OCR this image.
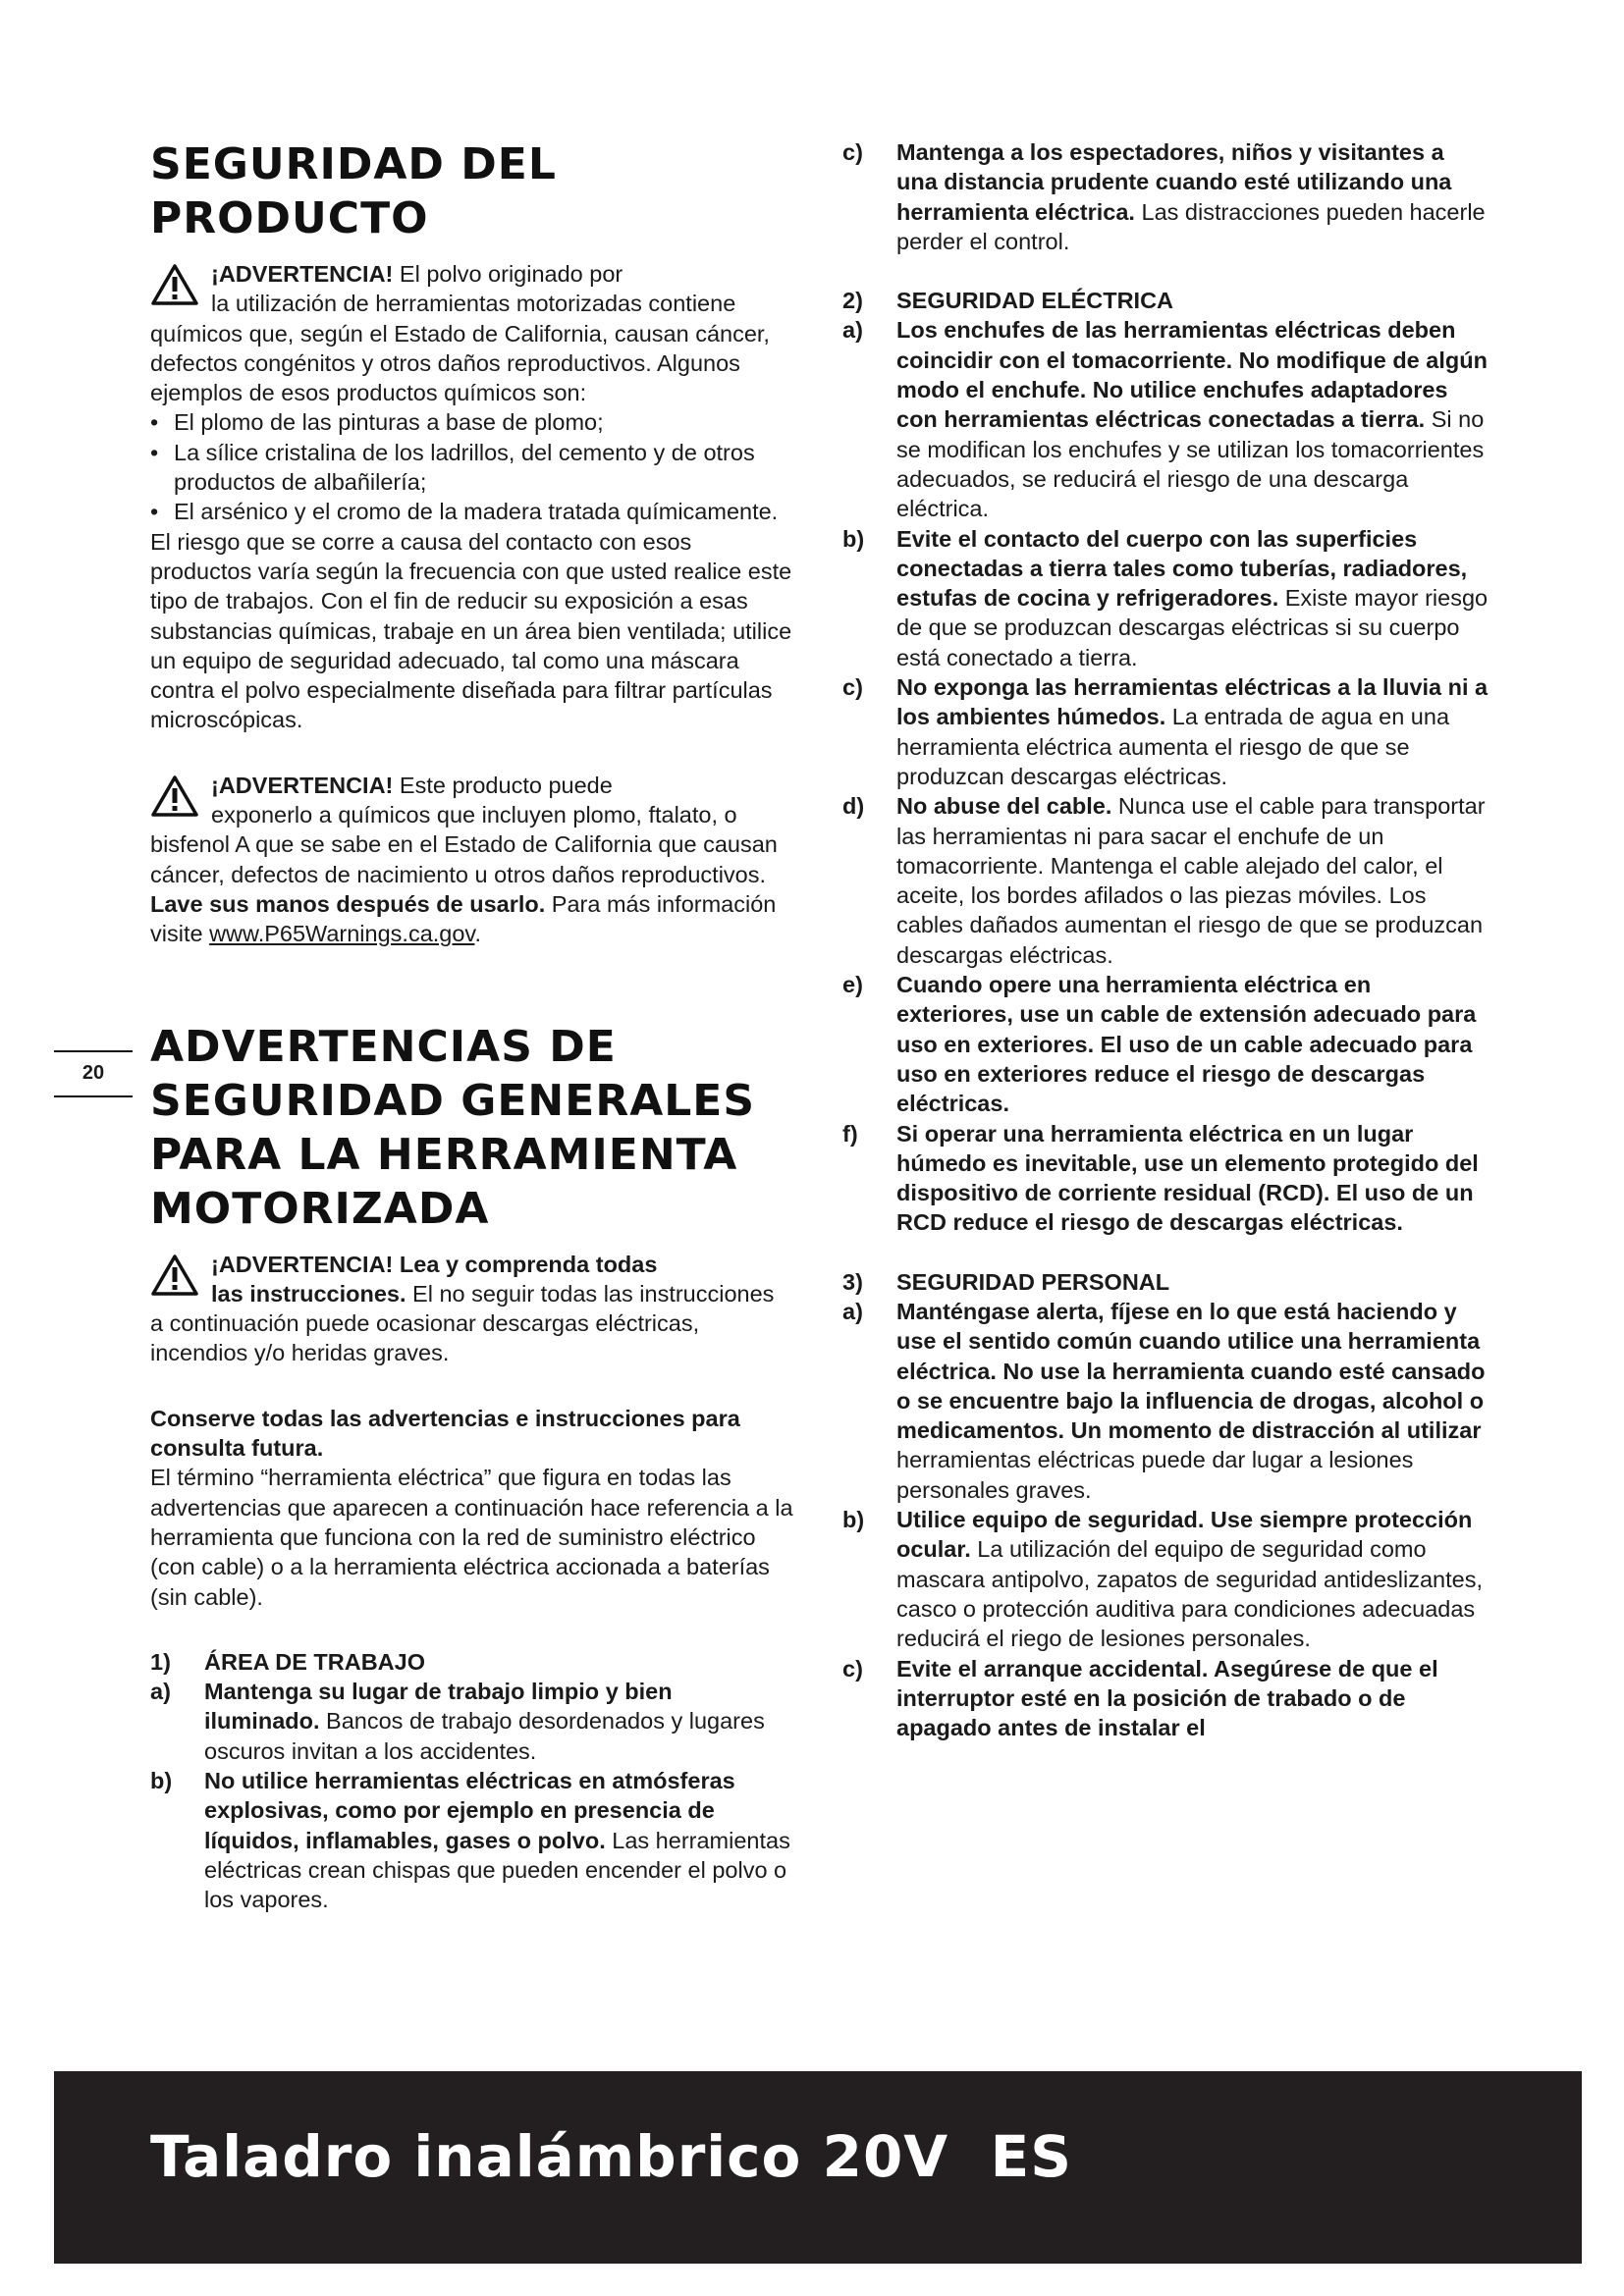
SEGURIDAD DEL PRODUCTO

¡ADVERTENCIA! El polvo originado por

la utilización de herramientas motorizadas contiene químicos que, según el Estado de California, causan cáncer, defectos congénitos y otros daños reproductivos. Algunos ejemplos de esos productos químicos son:

• El plomo de las pinturas a base de plomo;
• La sílice cristalina de los ladrillos, del cemento y de otros productos de albañilería;
• El arsénico y el cromo de la madera tratada químicamente.

El riesgo que se corre a causa del contacto con esos productos varía según la frecuencia con que usted realice este tipo de trabajos. Con el fin de reducir su exposición a esas substancias químicas, trabaje en un área bien ventilada; utilice un equipo de seguridad adecuado, tal como una máscara contra el polvo especialmente diseñada para filtrar partículas microscópicas.

¡ADVERTENCIA! Este producto puede

exponerlo a químicos que incluyen plomo, ftalato, o bisfenol A que se sabe en el Estado de California que causan cáncer, defectos de nacimiento u otros daños reproductivos. Lave sus manos después de usarlo. Para más información visite www.P65Warnings.ca.gov.

ADVERTENCIAS DE SEGURIDAD GENERALES PARA LA HERRAMIENTA MOTORIZADA

¡ADVERTENCIA! Lea y comprenda todas

las instrucciones. El no seguir todas las instrucciones a continuación puede ocasionar descargas eléctricas, incendios y/o heridas graves.

Conserve todas las advertencias e instrucciones para consulta futura.

El término “herramienta eléctrica” que figura en todas las advertencias que aparecen a continuación hace referencia a la herramienta que funciona con la red de suministro eléctrico (con cable) o a la herramienta eléctrica accionada a baterías (sin cable).

1)	ÁREA DE TRABAJO
a)	Mantenga su lugar de trabajo limpio y bien iluminado. Bancos de trabajo desordenados y lugares oscuros invitan a los accidentes.
b)	No utilice herramientas eléctricas en atmósferas explosivas, como por ejemplo en presencia de líquidos, inflamables, gases o polvo. Las herramientas eléctricas crean chispas que pueden encender el polvo o los vapores.
c)	Mantenga a los espectadores, niños y visitantes a una distancia prudente cuando esté utilizando una herramienta eléctrica. Las distracciones pueden hacerle perder el control.
2)	SEGURIDAD ELÉCTRICA
a)	Los enchufes de las herramientas eléctricas deben coincidir con el tomacorriente. No modifique de algún modo el enchufe. No utilice enchufes adaptadores con herramientas eléctricas conectadas a tierra. Si no se modifican los enchufes y se utilizan los tomacorrientes adecuados, se reducirá el riesgo de una descarga eléctrica.
b)	Evite el contacto del cuerpo con las superficies conectadas a tierra tales como tuberías, radiadores, estufas de cocina y refrigeradores. Existe mayor riesgo de que se produzcan descargas eléctricas si su cuerpo está conectado a tierra.
c)	No exponga las herramientas eléctricas a la lluvia ni a los ambientes húmedos. La entrada de agua en una herramienta eléctrica aumenta el riesgo de que se produzcan descargas eléctricas.
d)	No abuse del cable. Nunca use el cable para transportar las herramientas ni para sacar el enchufe de un tomacorriente. Mantenga el cable alejado del calor, el aceite, los bordes afilados o las piezas móviles. Los cables dañados aumentan el riesgo de que se produzcan descargas eléctricas.
e)	Cuando opere una herramienta eléctrica en exteriores, use un cable de extensión adecuado para uso en exteriores. El uso de un cable adecuado para uso en exteriores reduce el riesgo de descargas eléctricas.
f)	Si operar una herramienta eléctrica en un lugar húmedo es inevitable, use un elemento protegido del dispositivo de corriente residual (RCD). El uso de un RCD reduce el riesgo de descargas eléctricas.
3)	SEGURIDAD PERSONAL
a)	Manténgase alerta, fíjese en lo que está haciendo y use el sentido común cuando utilice una herramienta eléctrica. No use la herramienta cuando esté cansado o se encuentre bajo la influencia de drogas, alcohol o medicamentos. Un momento de distracción al utilizar herramientas eléctricas puede dar lugar a lesiones personales graves.
b)	Utilice equipo de seguridad. Use siempre protección ocular. La utilización del equipo de seguridad como mascara antipolvo, zapatos de seguridad antideslizantes, casco o protección auditiva para condiciones adecuadas reducirá el riego de lesiones personales.
c)	Evite el arranque accidental. Asegúrese de que el interruptor esté en la posición de trabado o de apagado antes de instalar el
20
Taladro inalámbrico 20V  ES
